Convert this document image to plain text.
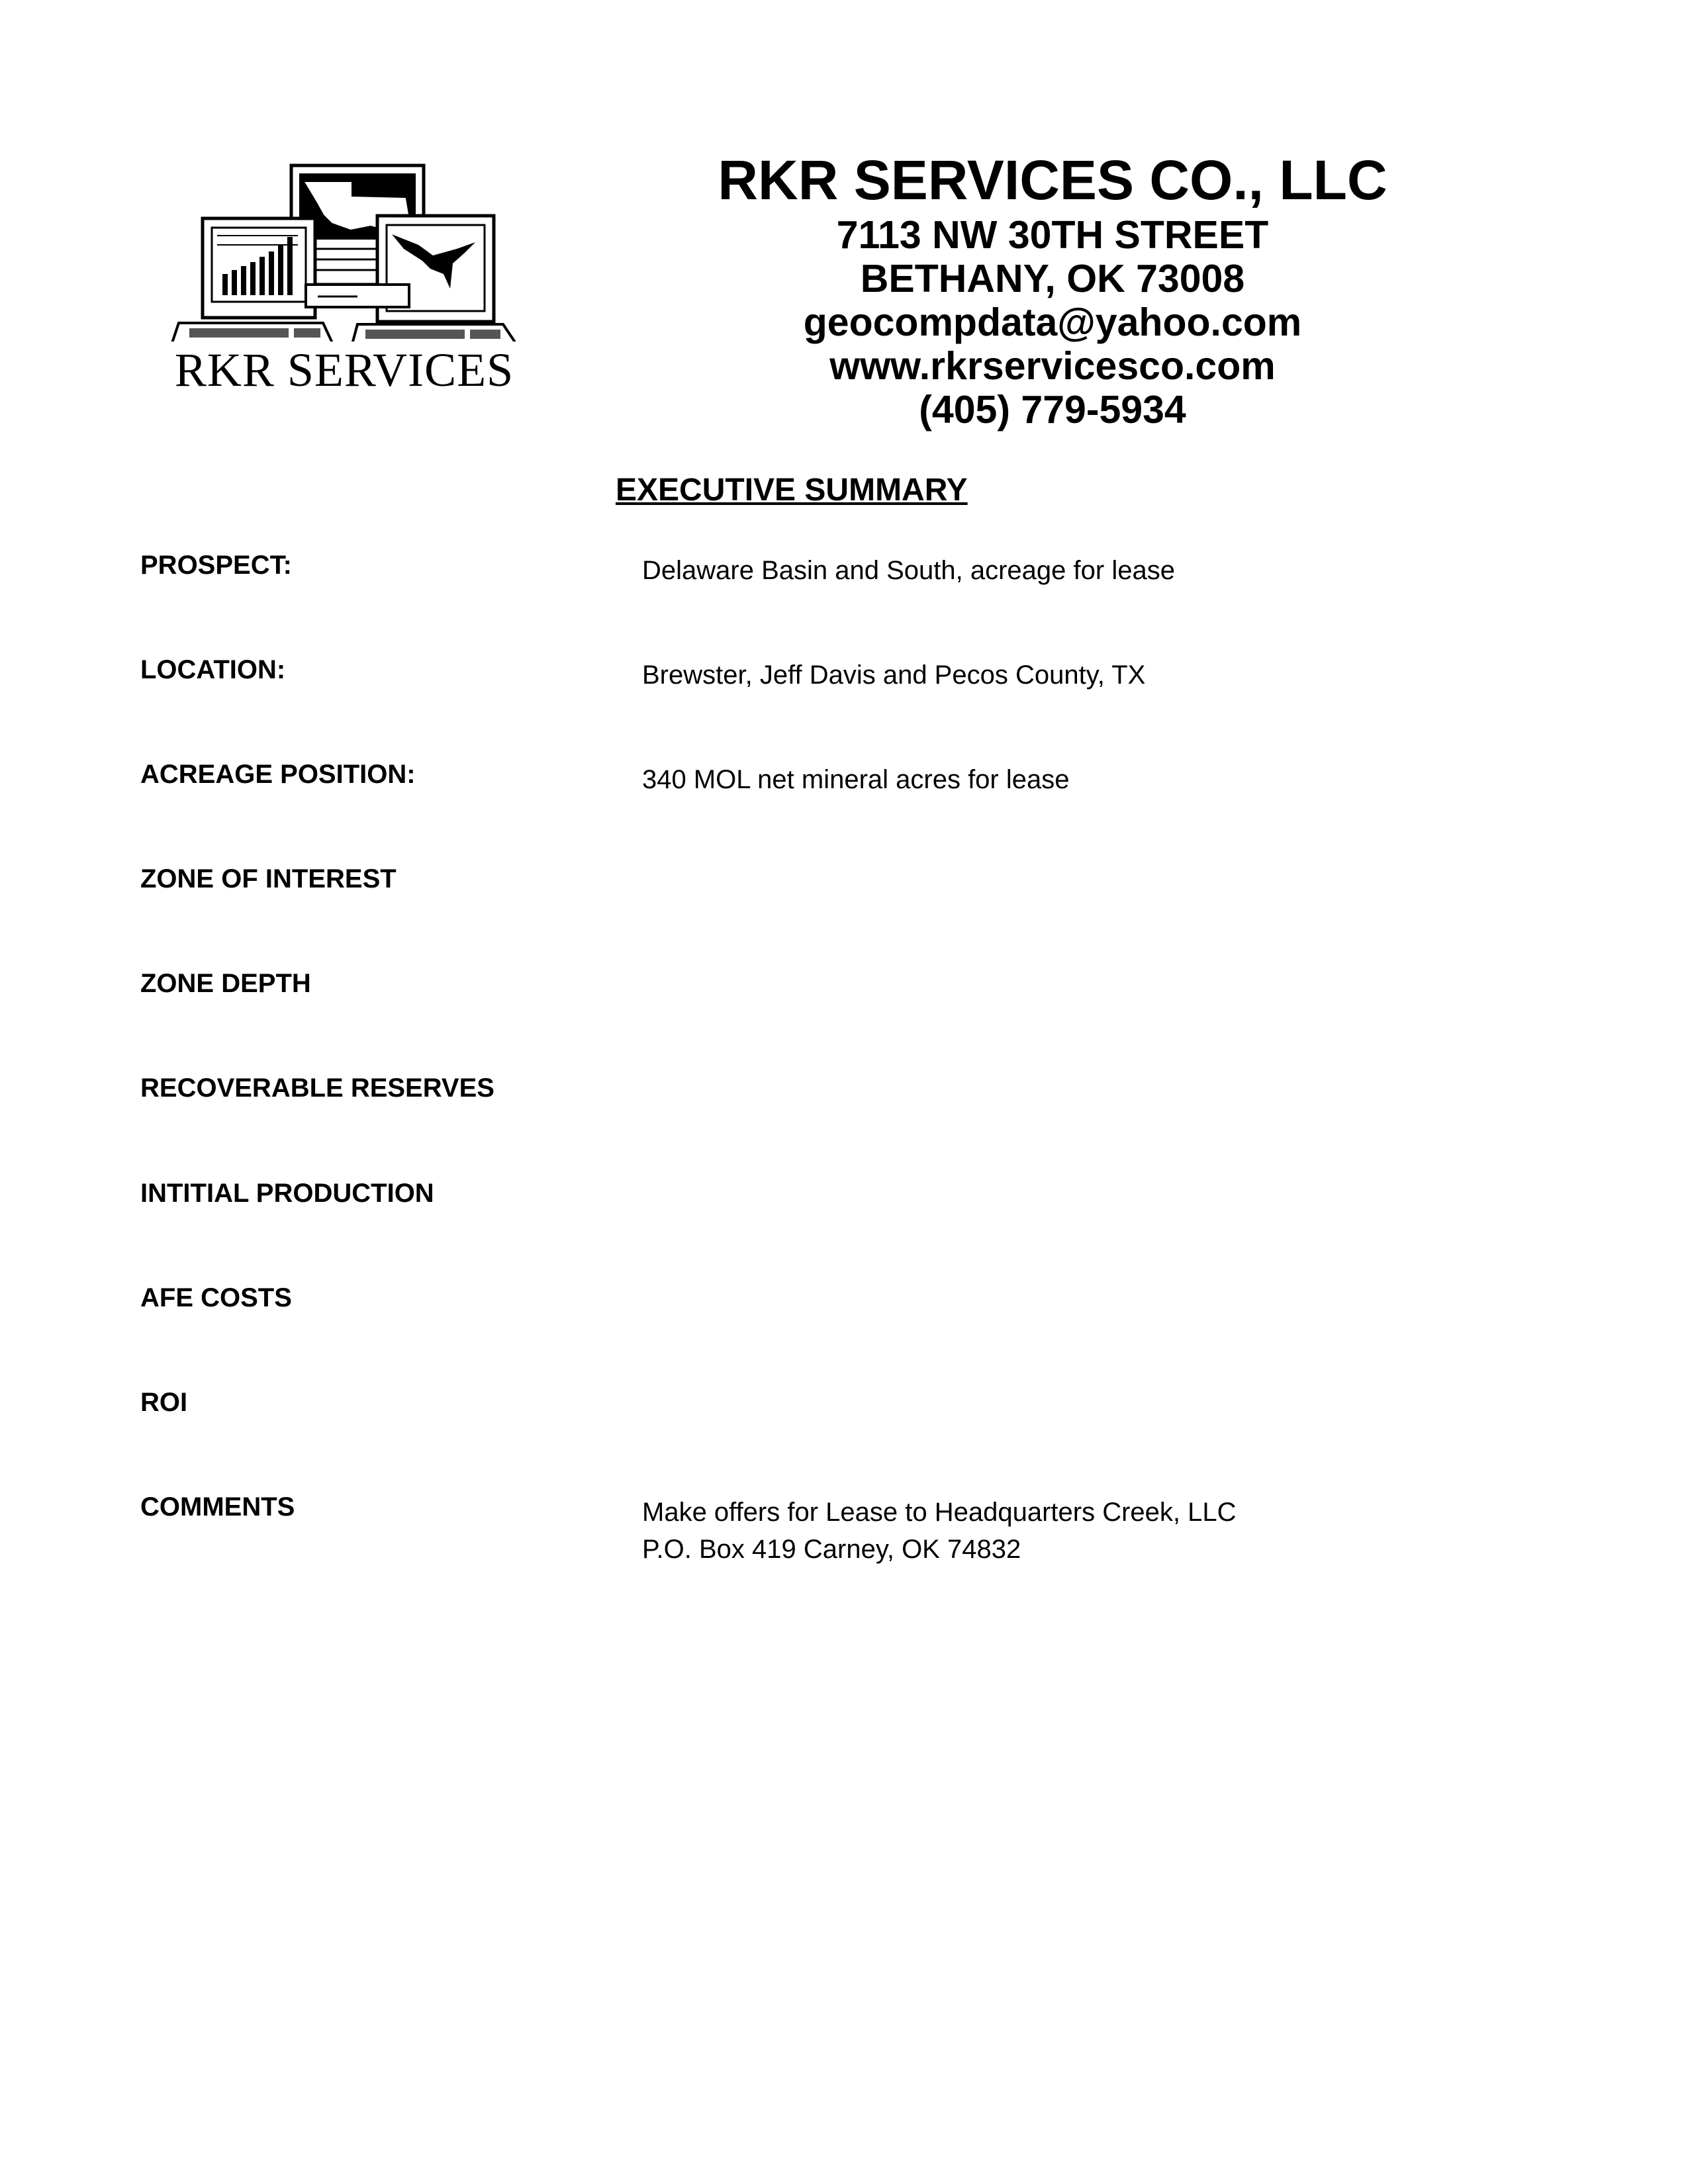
RKR SERVICES
RKR SERVICES CO., LLC
7113 NW 30TH STREET
BETHANY, OK 73008
geocompdata@yahoo.com
www.rkrservicesco.com
(405) 779-5934
EXECUTIVE SUMMARY
PROSPECT:	Delaware Basin and South, acreage for lease
LOCATION:	Brewster, Jeff Davis and Pecos County, TX
ACREAGE POSITION:	340 MOL net mineral acres for lease
ZONE OF INTEREST
ZONE DEPTH
RECOVERABLE RESERVES
INTITIAL PRODUCTION
AFE COSTS
ROI
COMMENTS	Make offers for Lease to Headquarters Creek, LLC
P.O. Box 419 Carney, OK 74832
